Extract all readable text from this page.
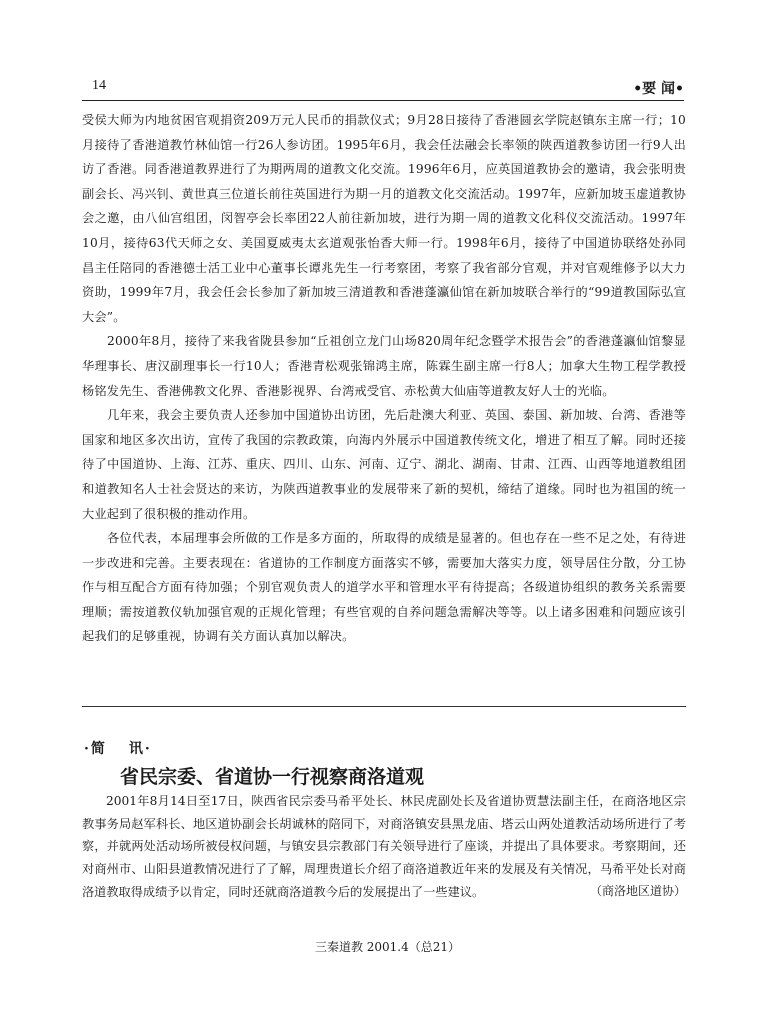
14	•要 闻•

受侯大师为内地贫困官观捐资209万元人民币的捐款仪式；9月28日接待了香港圆玄学院赵镇东主席一行；10月接待了香港道教竹林仙馆一行26人参访团。1995年6月，我会任法融会长率领的陕西道教参访团一行9人出访了香港。同香港道教界进行了为期两周的道教文化交流。1996年6月，应英国道教协会的邀请，我会张明贵副会长、冯兴钊、黄世真三位道长前往英国进行为期一月的道教文化交流活动。1997年，应新加坡玉虚道教协会之邀，由八仙宫组团，闵智亭会长率团22人前往新加坡，进行为期一周的道教文化科仪交流活动。1997年10月，接待63代天师之女、美国夏威夷太玄道观张怡香大师一行。1998年6月，接待了中国道协联络处孙同昌主任陪同的香港德士活工业中心董事长谭兆先生一行考察团，考察了我省部分官观，并对官观维修予以大力资助，1999年7月，我会任会长参加了新加坡三清道教和香港蓬瀛仙馆在新加坡联合举行的“99道教国际弘宣大会”。

2000年8月，接待了来我省陇县参加“丘祖创立龙门山场820周年纪念暨学术报告会”的香港蓬瀛仙馆黎显华理事长、唐汉副理事长一行10人；香港青松观张锦鸿主席，陈霖生副主席一行8人；加拿大生物工程学教授杨铭发先生、香港佛教文化界、香港影视界、台湾戒受官、赤松黄大仙庙等道教友好人士的光临。

几年来，我会主要负责人还参加中国道协出访团，先后赴澳大利亚、英国、泰国、新加坡、台湾、香港等国家和地区多次出访，宣传了我国的宗教政策，向海内外展示中国道教传统文化，增进了相互了解。同时还接待了中国道协、上海、江苏、重庆、四川、山东、河南、辽宁、湖北、湖南、甘肃、江西、山西等地道教组团和道教知名人士社会贤达的来访，为陕西道教事业的发展带来了新的契机，缔结了道缘。同时也为祖国的统一大业起到了很积极的推动作用。

各位代表，本届理事会所做的工作是多方面的，所取得的成绩是显著的。但也存在一些不足之处，有待进一步改进和完善。主要表现在：省道协的工作制度方面落实不够，需要加大落实力度，领导居住分散，分工协作与相互配合方面有待加强；个别官观负责人的道学水平和管理水平有待提高；各级道协组织的教务关系需要理顺；需按道教仪轨加强官观的正规化管理；有些官观的自养问题急需解决等等。以上诸多困难和问题应该引起我们的足够重视，协调有关方面认真加以解决。

·简 讯·
省民宗委、省道协一行视察商洛道观

2001年8月14日至17日，陕西省民宗委马希平处长、林民虎副处长及省道协贾慧法副主任，在商洛地区宗教事务局赵军科长、地区道协副会长胡诚林的陪同下，对商洛镇安县黑龙庙、塔云山两处道教活动场所进行了考察，并就两处活动场所被侵权问题，与镇安县宗教部门有关领导进行了座谈，并提出了具体要求。考察期间，还对商州市、山阳县道教情况进行了了解，周理贵道长介绍了商洛道教近年来的发展及有关情况，马希平处长对商洛道教取得成绩予以肯定，同时还就商洛道教今后的发展提出了一些建议。	（商洛地区道协）
三秦道教 2001.4（总21）
